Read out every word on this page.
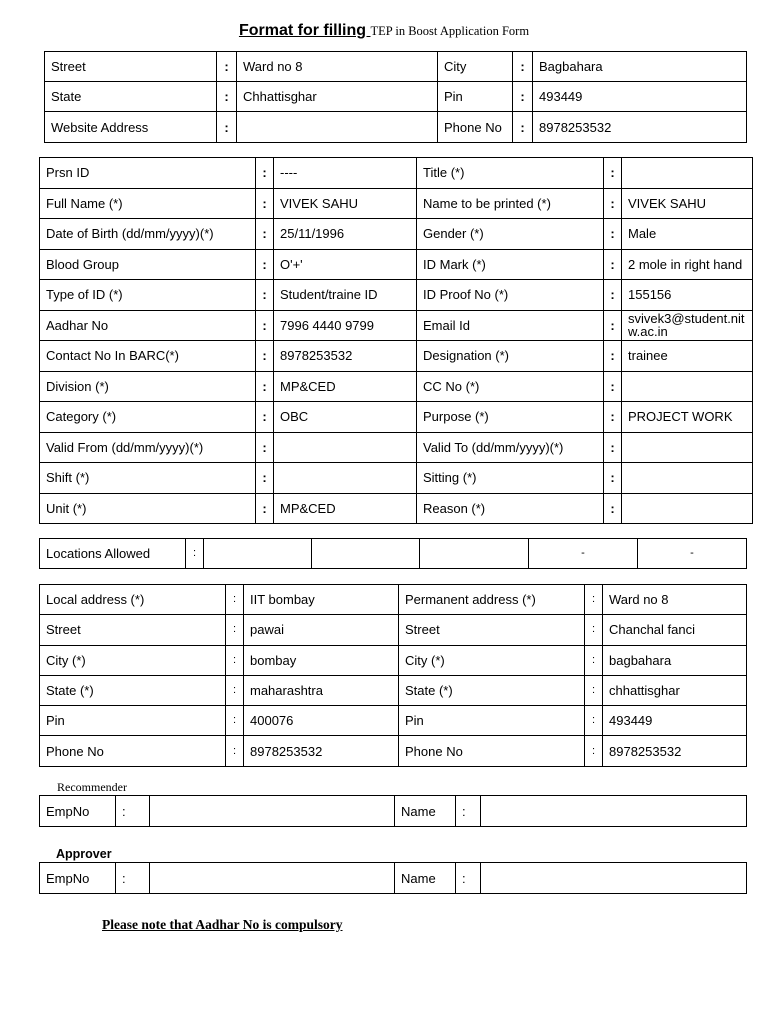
Format for filling TEP in Boost Application Form
Street	:	Ward no 8	City	:	Bagbahara
State	:	Chhattisghar	Pin	:	493449
Website Address	:		Phone No	:	8978253532
Prsn ID	:	----	Title (*)	:	
Full Name (*)	:	VIVEK SAHU	Name to be printed (*)	:	VIVEK SAHU
Date of Birth (dd/mm/yyyy)(*)	:	25/11/1996	Gender (*)	:	Male
Blood Group	:	O'+'	ID Mark (*)	:	2 mole in right hand
Type of ID (*)	:	Student/traine ID	ID Proof No (*)	:	155156
Aadhar No	:	7996 4440 9799	Email Id	:	svivek3@student.nitw.ac.in
Contact No In BARC(*)	:	8978253532	Designation (*)	:	trainee
Division (*)	:	MP&CED	CC No (*)	:	
Category (*)	:	OBC	Purpose (*)	:	PROJECT WORK
Valid From (dd/mm/yyyy)(*)	:		Valid To (dd/mm/yyyy)(*)	:	
Shift (*)	:		Sitting (*)	:	
Unit (*)	:	MP&CED	Reason (*)	:	
Locations Allowed	:				-	-
Local address (*)	:	IIT bombay	Permanent address (*)	:	Ward no 8
Street	:	pawai	Street	:	Chanchal fanci
City (*)	:	bombay	City (*)	:	bagbahara
State (*)	:	maharashtra	State (*)	:	chhattisghar
Pin	:	400076	Pin	:	493449
Phone No	:	8978253532	Phone No	:	8978253532
Recommender
EmpNo	:		Name	:	
Approver
EmpNo	:		Name	:	
Please note that Aadhar No is compulsory
